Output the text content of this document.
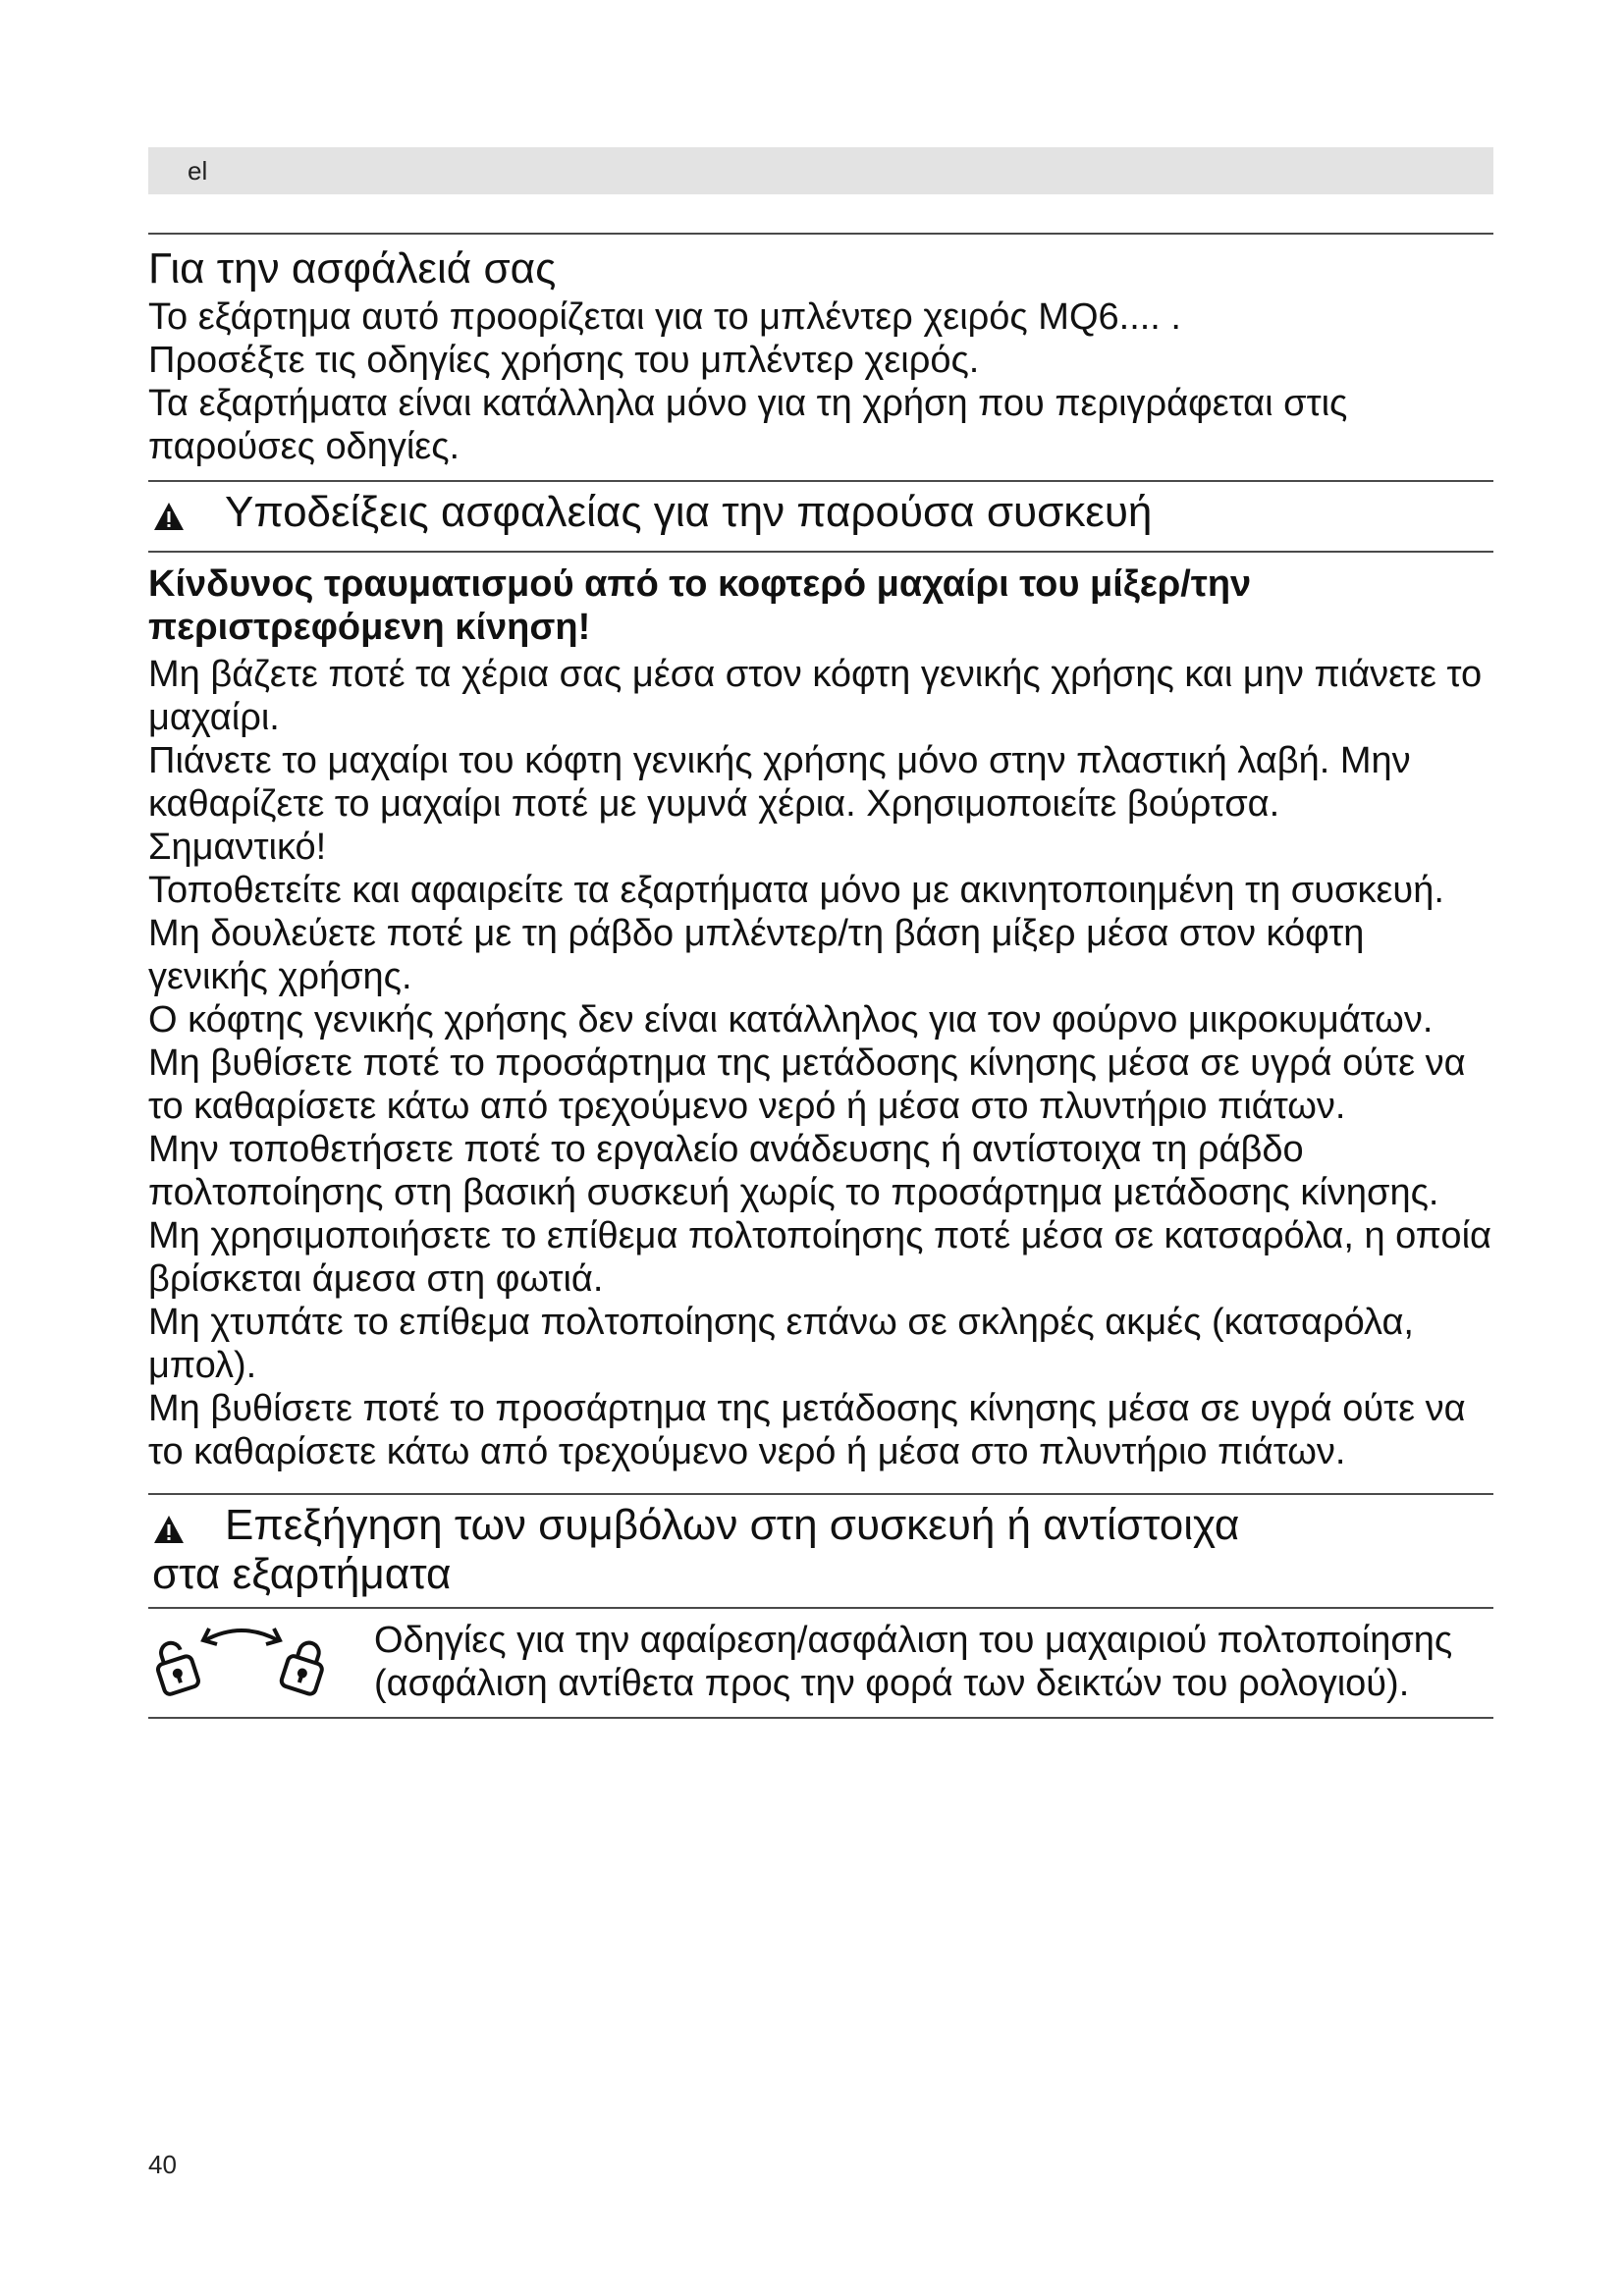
el
Για την ασφάλειά σας

Το εξάρτημα αυτό προορίζεται για το μπλέντερ χειρός MQ6.... .

Προσέξτε τις οδηγίες χρήσης του μπλέντερ χειρός.

Τα εξαρτήματα είναι κατάλληλα μόνο για τη χρήση που περιγράφεται στις παρούσες οδηγίες.

Υποδείξεις ασφαλείας για την παρούσα συσκευή

Κίνδυνος τραυματισμού από το κοφτερό μαχαίρι του μίξερ/την περιστρεφόμενη κίνηση!

Μη βάζετε ποτέ τα χέρια σας μέσα στον κόφτη γενικής χρήσης και μην πιάνετε το μαχαίρι.

Πιάνετε το μαχαίρι του κόφτη γενικής χρήσης μόνο στην πλαστική λαβή. Μην καθαρίζετε το μαχαίρι ποτέ με γυμνά χέρια. Χρησιμοποιείτε βούρτσα.

Σημαντικό!

Τοποθετείτε και αφαιρείτε τα εξαρτήματα μόνο με ακινητοποιημένη τη συσκευή.

Μη δουλεύετε ποτέ με τη ράβδο μπλέντερ/τη βάση μίξερ μέσα στον κόφτη γενικής χρήσης.

Ο κόφτης γενικής χρήσης δεν είναι κατάλληλος για τον φούρνο μικροκυμάτων.

Μη βυθίσετε ποτέ το προσάρτημα της μετάδοσης κίνησης μέσα σε υγρά ούτε να το καθαρίσετε κάτω από τρεχούμενο νερό ή μέσα στο πλυντήριο πιάτων.

Μην τοποθετήσετε ποτέ το εργαλείο ανάδευσης ή αντίστοιχα τη ράβδο πολτοποίησης στη βασική συσκευή χωρίς το προσάρτημα μετάδοσης κίνησης.

Μη χρησιμοποιήσετε το επίθεμα πολτοποίησης ποτέ μέσα σε κατσαρόλα, η οποία βρίσκεται άμεσα στη φωτιά.

Μη χτυπάτε το επίθεμα πολτοποίησης επάνω σε σκληρές ακμές (κατσαρόλα, μπολ).

Μη βυθίσετε ποτέ το προσάρτημα της μετάδοσης κίνησης μέσα σε υγρά ούτε να το καθαρίσετε κάτω από τρεχούμενο νερό ή μέσα στο πλυντήριο πιάτων.

Επεξήγηση των συμβόλων στη συσκευή ή αντίστοιχα
στα εξαρτήματα
Οδηγίες για την αφαίρεση/ασφάλιση του μαχαιριού πολτοποίησης (ασφάλιση αντίθετα προς την φορά των δεικτών του ρολογιού).
40
